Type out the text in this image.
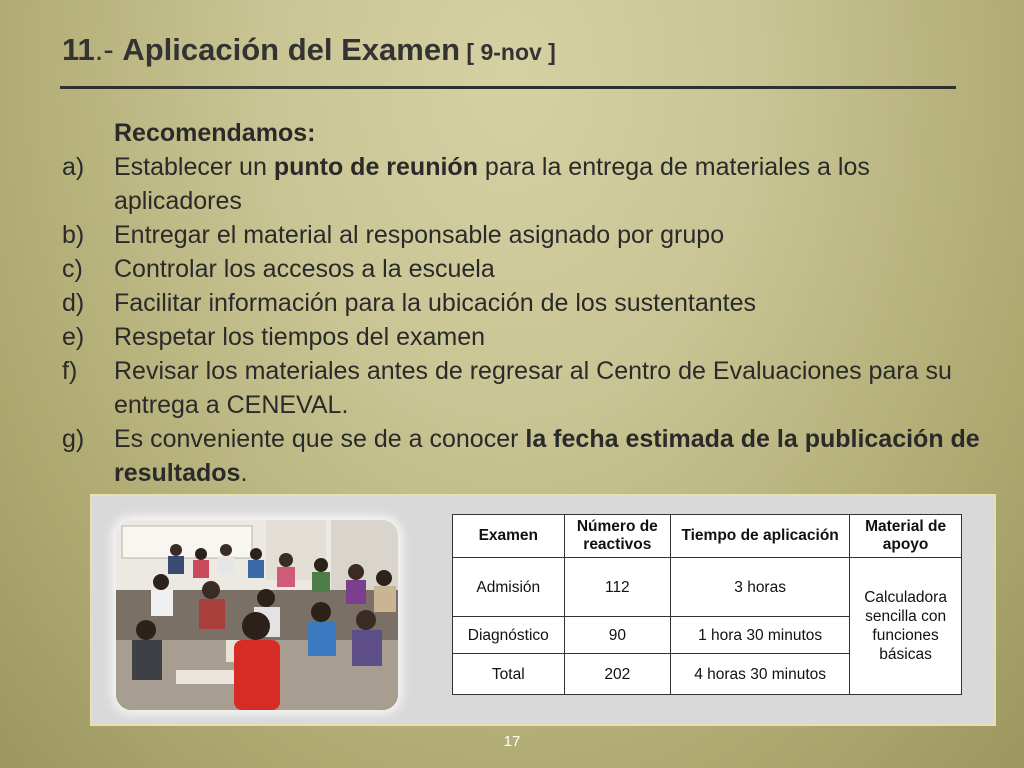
11.- Aplicación del Examen [ 9-nov ]
Recomendamos:
a)	Establecer un punto de reunión para la entrega de materiales a los aplicadores
b)	Entregar el material al responsable asignado por grupo
c)	Controlar los accesos a la escuela
d)	Facilitar información para la ubicación de los sustentantes
e)	Respetar los tiempos del examen
f)	Revisar los materiales antes de regresar al Centro de Evaluaciones para su entrega a CENEVAL.
g)	Es conveniente que se de a conocer la fecha estimada de la publicación de resultados.
Examen	Número de reactivos	Tiempo de aplicación	Material de apoyo
Admisión	112	3 horas	Calculadora sencilla con funciones básicas
Diagnóstico	90	1 hora 30 minutos	
Total	202	4 horas 30 minutos	
17
